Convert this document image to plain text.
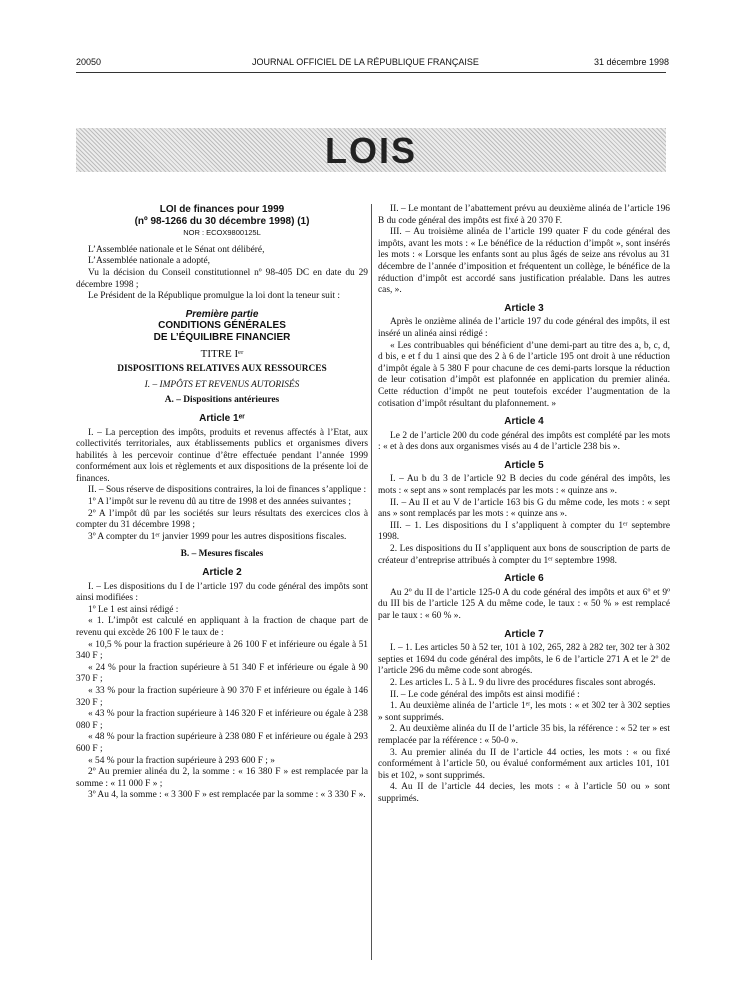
20050	JOURNAL OFFICIEL DE LA RÉPUBLIQUE FRANÇAISE	31 décembre 1998
LOIS

LOI de finances pour 1999

(nº 98-1266 du 30 décembre 1998) (1)

NOR : ECOX9800125L

L’Assemblée nationale et le Sénat ont délibéré,

L’Assemblée nationale a adopté,

Vu la décision du Conseil constitutionnel nº 98-405 DC en date du 29 décembre 1998 ;

Le Président de la République promulgue la loi dont la teneur suit :

Première partie

CONDITIONS GÉNÉRALES

DE L’ÉQUILIBRE FINANCIER

TITRE Iᵉʳ

DISPOSITIONS RELATIVES AUX RESSOURCES

I. – IMPÔTS ET REVENUS AUTORISÉS

A. – Dispositions antérieures

Article 1ᵉʳ

I. – La perception des impôts, produits et revenus affectés à l’Etat, aux collectivités territoriales, aux établissements publics et organismes divers habilités à les percevoir continue d’être effectuée pendant l’année 1999 conformément aux lois et règlements et aux dispositions de la présente loi de finances.

II. – Sous réserve de dispositions contraires, la loi de finances s’applique :

1º A l’impôt sur le revenu dû au titre de 1998 et des années suivantes ;

2º A l’impôt dû par les sociétés sur leurs résultats des exercices clos à compter du 31 décembre 1998 ;

3º A compter du 1ᵉʳ janvier 1999 pour les autres dispositions fiscales.

B. – Mesures fiscales

Article 2

I. – Les dispositions du I de l’article 197 du code général des impôts sont ainsi modifiées :

1º Le 1 est ainsi rédigé :

« 1. L’impôt est calculé en appliquant à la fraction de chaque part de revenu qui excède 26 100 F le taux de :

« 10,5 % pour la fraction supérieure à 26 100 F et inférieure ou égale à 51 340 F ;

« 24 % pour la fraction supérieure à 51 340 F et inférieure ou égale à 90 370 F ;

« 33 % pour la fraction supérieure à 90 370 F et inférieure ou égale à 146 320 F ;

« 43 % pour la fraction supérieure à 146 320 F et inférieure ou égale à 238 080 F ;

« 48 % pour la fraction supérieure à 238 080 F et inférieure ou égale à 293 600 F ;

« 54 % pour la fraction supérieure à 293 600 F ; »

2º Au premier alinéa du 2, la somme : « 16 380 F » est remplacée par la somme : « 11 000 F » ;

3º Au 4, la somme : « 3 300 F » est remplacée par la somme : « 3 330 F ».

II. – Le montant de l’abattement prévu au deuxième alinéa de l’article 196 B du code général des impôts est fixé à 20 370 F.

III. – Au troisième alinéa de l’article 199 quater F du code général des impôts, avant les mots : « Le bénéfice de la réduction d’impôt », sont insérés les mots : « Lorsque les enfants sont au plus âgés de seize ans révolus au 31 décembre de l’année d’imposition et fréquentent un collège, le bénéfice de la réduction d’impôt est accordé sans justification préalable. Dans les autres cas, ».

Article 3

Après le onzième alinéa de l’article 197 du code général des impôts, il est inséré un alinéa ainsi rédigé :

« Les contribuables qui bénéficient d’une demi-part au titre des a, b, c, d, d bis, e et f du 1 ainsi que des 2 à 6 de l’article 195 ont droit à une réduction d’impôt égale à 5 380 F pour chacune de ces demi-parts lorsque la réduction de leur cotisation d’impôt est plafonnée en application du premier alinéa. Cette réduction d’impôt ne peut toutefois excéder l’augmentation de la cotisation d’impôt résultant du plafonnement. »

Article 4

Le 2 de l’article 200 du code général des impôts est complété par les mots : « et à des dons aux organismes visés au 4 de l’article 238 bis ».

Article 5

I. – Au b du 3 de l’article 92 B decies du code général des impôts, les mots : « sept ans » sont remplacés par les mots : « quinze ans ».

II. – Au II et au V de l’article 163 bis G du même code, les mots : « sept ans » sont remplacés par les mots : « quinze ans ».

III. – 1. Les dispositions du I s’appliquent à compter du 1ᵉʳ septembre 1998.

2. Les dispositions du II s’appliquent aux bons de souscription de parts de créateur d’entreprise attribués à compter du 1ᵉʳ septembre 1998.

Article 6

Au 2º du II de l’article 125-0 A du code général des impôts et aux 6º et 9º du III bis de l’article 125 A du même code, le taux : « 50 % » est remplacé par le taux : « 60 % ».

Article 7

I. – 1. Les articles 50 à 52 ter, 101 à 102, 265, 282 à 282 ter, 302 ter à 302 septies et 1694 du code général des impôts, le 6 de l’article 271 A et le 2º de l’article 296 du même code sont abrogés.

2. Les articles L. 5 à L. 9 du livre des procédures fiscales sont abrogés.

II. – Le code général des impôts est ainsi modifié :

1. Au deuxième alinéa de l’article 1ᵉʳ, les mots : « et 302 ter à 302 septies » sont supprimés.

2. Au deuxième alinéa du II de l’article 35 bis, la référence : « 52 ter » est remplacée par la référence : « 50-0 ».

3. Au premier alinéa du II de l’article 44 octies, les mots : « ou fixé conformément à l’article 50, ou évalué conformément aux articles 101, 101 bis et 102, » sont supprimés.

4. Au II de l’article 44 decies, les mots : « à l’article 50 ou » sont supprimés.
